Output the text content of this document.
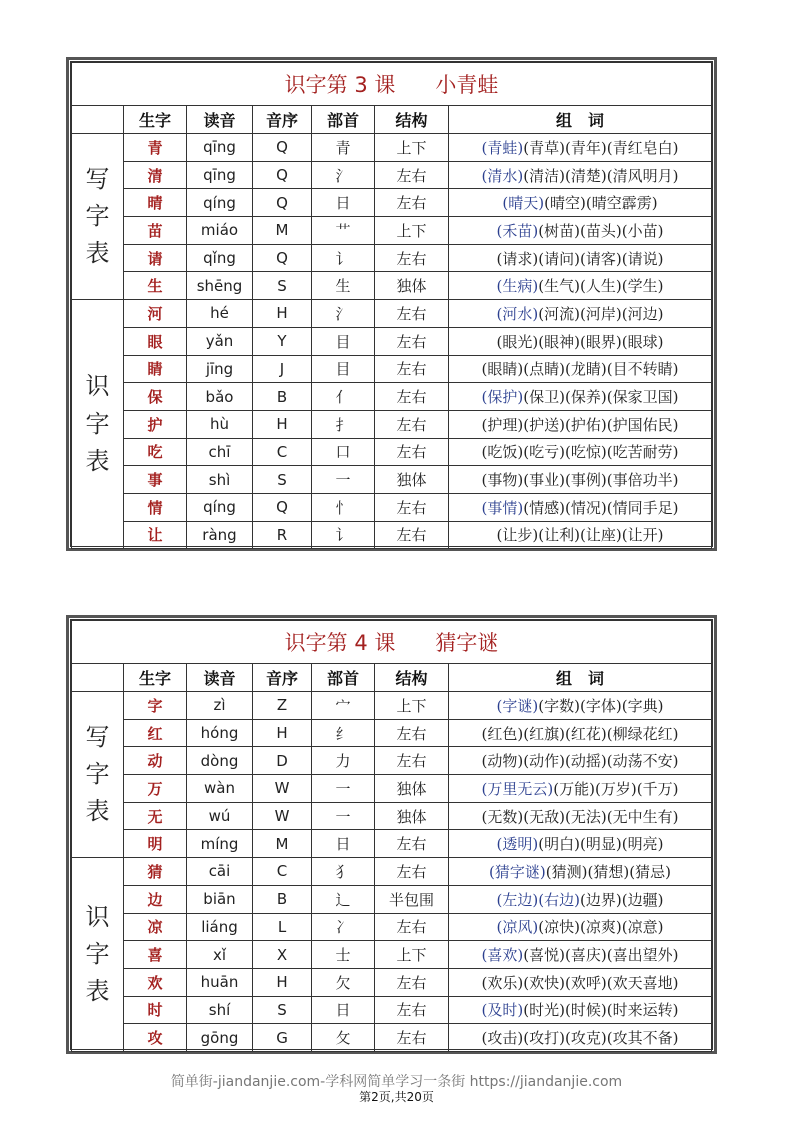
识字第 3 课 小青蛙						
	生字	读音	音序	部首	结构	组　词

写字表	青	qīng	Q	青	上下	(青蛙)(青草)(青年)(青红皂白)
	清	qīng	Q	氵	左右	(清水)(清洁)(清楚)(清风明月)
	晴	qíng	Q	日	左右	(晴天)(晴空)(晴空霹雳)
	苗	miáo	M	艹	上下	(禾苗)(树苗)(苗头)(小苗)
	请	qǐng	Q	讠	左右	(请求)(请问)(请客)(请说)
	生	shēng	S	生	独体	(生病)(生气)(人生)(学生)

识字表	河	hé	H	氵	左右	(河水)(河流)(河岸)(河边)
	眼	yǎn	Y	目	左右	(眼光)(眼神)(眼界)(眼球)
	睛	jīng	J	目	左右	(眼睛)(点睛)(龙睛)(目不转睛)
	保	bǎo	B	亻	左右	(保护)(保卫)(保养)(保家卫国)
	护	hù	H	扌	左右	(护理)(护送)(护佑)(护国佑民)
	吃	chī	C	口	左右	(吃饭)(吃亏)(吃惊)(吃苦耐劳)
	事	shì	S	一	独体	(事物)(事业)(事例)(事倍功半)
	情	qíng	Q	忄	左右	(事情)(情感)(情况)(情同手足)
	让	ràng	R	讠	左右	(让步)(让利)(让座)(让开)
识字第 4 课 猜字谜						
	生字	读音	音序	部首	结构	组　词

写字表	字	zì	Z	宀	上下	(字谜)(字数)(字体)(字典)
	红	hóng	H	纟	左右	(红色)(红旗)(红花)(柳绿花红)
	动	dòng	D	力	左右	(动物)(动作)(动摇)(动荡不安)
	万	wàn	W	一	独体	(万里无云)(万能)(万岁)(千万)
	无	wú	W	一	独体	(无数)(无敌)(无法)(无中生有)
	明	míng	M	日	左右	(透明)(明白)(明显)(明亮)

识字表	猜	cāi	C	犭	左右	(猜字谜)(猜测)(猜想)(猜忌)
	边	biān	B	辶	半包围	(左边)(右边)(边界)(边疆)
	凉	liáng	L	冫	左右	(凉风)(凉快)(凉爽)(凉意)
	喜	xǐ	X	士	上下	(喜欢)(喜悦)(喜庆)(喜出望外)
	欢	huān	H	欠	左右	(欢乐)(欢快)(欢呼)(欢天喜地)
	时	shí	S	日	左右	(及时)(时光)(时候)(时来运转)
	攻	gōng	G	攵	左右	(攻击)(攻打)(攻克)(攻其不备)
简单街-jiandanjie.com-学科网简单学习一条街 https://jiandanjie.com
第2页,共20页
